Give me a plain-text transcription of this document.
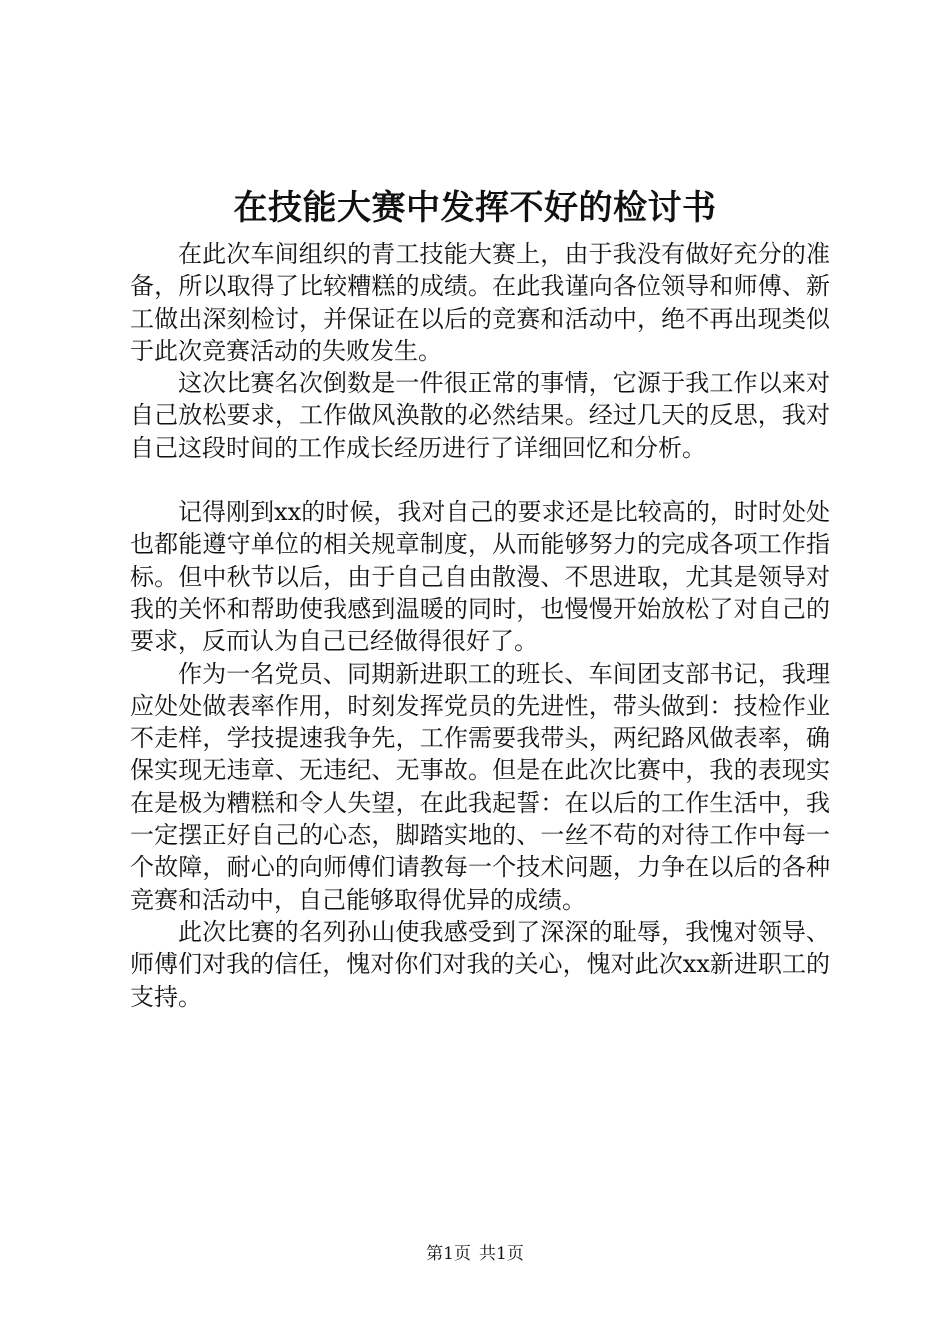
在技能大赛中发挥不好的检讨书

在此次车间组织的青工技能大赛上，由于我没有做好充分的准备，所以取得了比较糟糕的成绩。在此我谨向各位领导和师傅、新工做出深刻检讨，并保证在以后的竞赛和活动中，绝不再出现类似于此次竞赛活动的失败发生。

这次比赛名次倒数是一件很正常的事情，它源于我工作以来对自己放松要求，工作做风涣散的必然结果。经过几天的反思，我对自己这段时间的工作成长经历进行了详细回忆和分析。

记得刚到xx的时候，我对自己的要求还是比较高的，时时处处也都能遵守单位的相关规章制度，从而能够努力的完成各项工作指标。但中秋节以后，由于自己自由散漫、不思进取，尤其是领导对我的关怀和帮助使我感到温暖的同时，也慢慢开始放松了对自己的要求，反而认为自己已经做得很好了。

作为一名党员、同期新进职工的班长、车间团支部书记，我理应处处做表率作用，时刻发挥党员的先进性，带头做到：技检作业不走样，学技提速我争先，工作需要我带头，两纪路风做表率，确保实现无违章、无违纪、无事故。但是在此次比赛中，我的表现实在是极为糟糕和令人失望，在此我起誓：在以后的工作生活中，我一定摆正好自己的心态，脚踏实地的、一丝不苟的对待工作中每一个故障，耐心的向师傅们请教每一个技术问题，力争在以后的各种竞赛和活动中，自己能够取得优异的成绩。

此次比赛的名列孙山使我感受到了深深的耻辱，我愧对领导、师傅们对我的信任，愧对你们对我的关心，愧对此次xx新进职工的支持。

第1页 共1页
